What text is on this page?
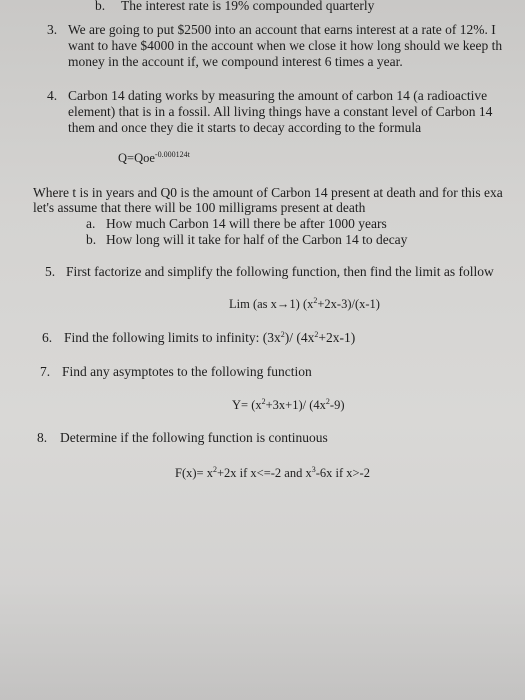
b. The interest rate is 19% compounded quarterly
3. We are going to put $2500 into an account that earns interest at a rate of 12%. I
want to have $4000 in the account when we close it how long should we keep th
money in the account if, we compound interest 6 times a year.
4. Carbon 14 dating works by measuring the amount of carbon 14 (a radioactive
element) that is in a fossil. All living things have a constant level of Carbon 14
them and once they die it starts to decay according to the formula
Q=Qoe$^{-0.000124t}$
Where t is in years and Q0 is the amount of Carbon 14 present at death and for this exa
let's assume that there will be 100 milligrams present at death
a. How much Carbon 14 will there be after 1000 years
b. How long will it take for half of the Carbon 14 to decay
5. First factorize and simplify the following function, then find the limit as follow
Lim (as x→1) $(x^2+2x-3)/(x-1)$
6. Find the following limits to infinity: $(3x^2)/$ $(4x^2+2x-1)$
7. Find any asymptotes to the following function
$Y= (x^2+3x+1)/$ $(4x^2-9)$
8. Determine if the following function is continuous
$F(x)= x^2+2x$ if x<=-2 and $x^3-6x$ if x>-2
